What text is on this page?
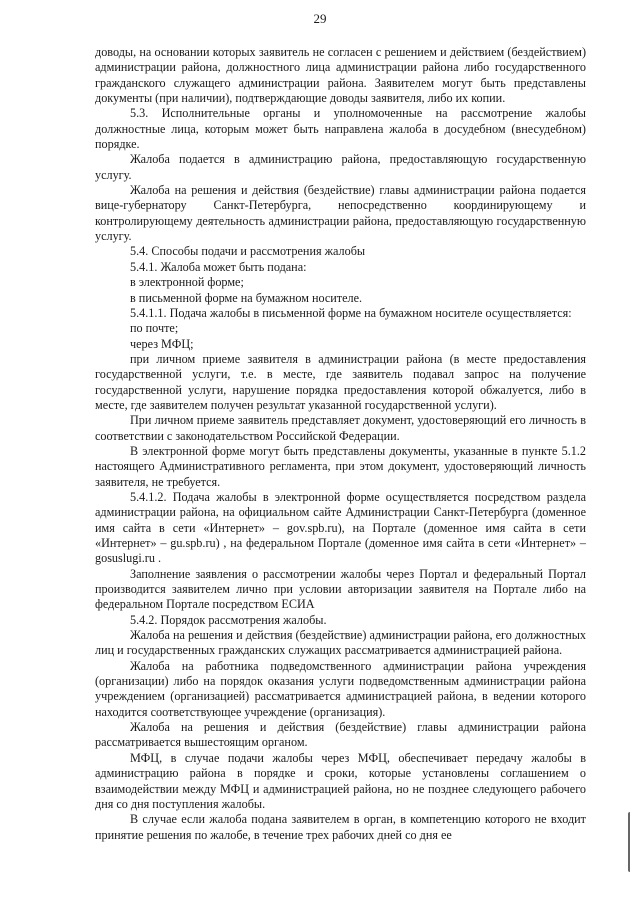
29

доводы, на основании которых заявитель не согласен с решением и действием (бездействием) администрации района, должностного лица администрации района либо государственного гражданского служащего администрации района. Заявителем могут быть представлены документы (при наличии), подтверждающие доводы заявителя, либо их копии.

5.3. Исполнительные органы и уполномоченные на рассмотрение жалобы должностные лица, которым может быть направлена жалоба в досудебном (внесудебном) порядке.

Жалоба подается в администрацию района, предоставляющую государственную услугу.

Жалоба на решения и действия (бездействие) главы администрации района подается вице-губернатору Санкт-Петербурга, непосредственно координирующему и контролирующему деятельность администрации района, предоставляющую государственную услугу.

5.4. Способы подачи и рассмотрения жалобы

5.4.1. Жалоба может быть подана:

в электронной форме;

в письменной форме на бумажном носителе.

5.4.1.1. Подача жалобы в письменной форме на бумажном носителе осуществляется:

по почте;

через МФЦ;

при личном приеме заявителя в администрации района (в месте предоставления государственной услуги, т.е. в месте, где заявитель подавал запрос на получение государственной услуги, нарушение порядка предоставления которой обжалуется, либо в месте, где заявителем получен результат указанной государственной услуги).

При личном приеме заявитель представляет документ, удостоверяющий его личность в соответствии с законодательством Российской Федерации.

В электронной форме могут быть представлены документы, указанные в пункте 5.1.2 настоящего Административного регламента, при этом документ, удостоверяющий личность заявителя, не требуется.

5.4.1.2. Подача жалобы в электронной форме осуществляется посредством раздела администрации района, на официальном сайте Администрации Санкт-Петербурга (доменное имя сайта в сети «Интернет» – gov.spb.ru), на Портале (доменное имя сайта в сети «Интернет» – gu.spb.ru) , на федеральном Портале (доменное имя сайта в сети «Интернет» – gosuslugi.ru .

Заполнение заявления о рассмотрении жалобы через Портал и федеральный Портал производится заявителем лично при условии авторизации заявителя на Портале либо на федеральном Портале посредством ЕСИА

5.4.2. Порядок рассмотрения жалобы.

Жалоба на решения и действия (бездействие) администрации района, его должностных лиц и государственных гражданских служащих рассматривается администрацией района.

Жалоба на работника подведомственного администрации района учреждения (организации) либо на порядок оказания услуги подведомственным администрации района учреждением (организацией) рассматривается администрацией района, в ведении которого находится соответствующее учреждение (организация).

Жалоба на решения и действия (бездействие) главы администрации района рассматривается вышестоящим органом.

МФЦ, в случае подачи жалобы через МФЦ, обеспечивает передачу жалобы в администрацию района в порядке и сроки, которые установлены соглашением о взаимодействии между МФЦ и администрацией района, но не позднее следующего рабочего дня со дня поступления жалобы.

В случае если жалоба подана заявителем в орган, в компетенцию которого не входит принятие решения по жалобе, в течение трех рабочих дней со дня ее
